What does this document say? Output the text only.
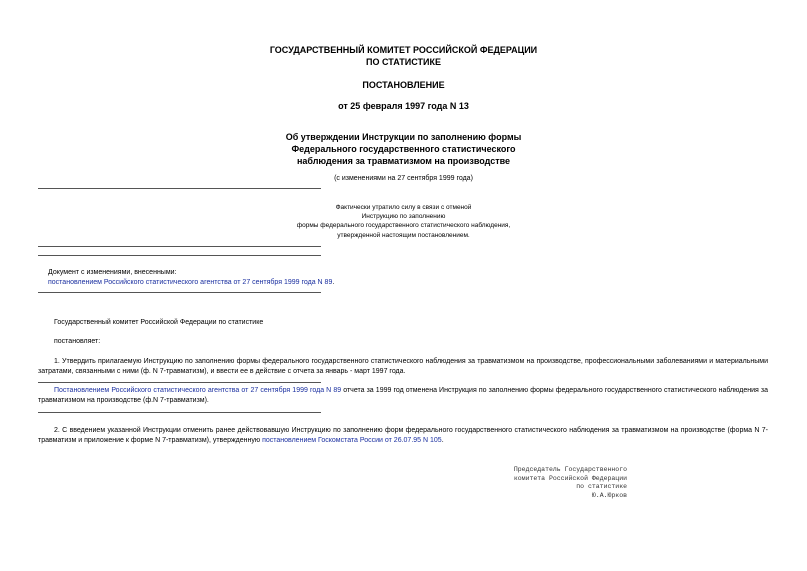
ГОСУДАРСТВЕННЫЙ КОМИТЕТ РОССИЙСКОЙ ФЕДЕРАЦИИ
ПО СТАТИСТИКЕ
ПОСТАНОВЛЕНИЕ
от 25 февраля 1997 года N 13
Об утверждении Инструкции по заполнению формы
Федерального государственного статистического
наблюдения за травматизмом на производстве
(с изменениями на 27 сентября 1999 года)
Фактически утратило силу в связи с отменой
Инструкцию по заполнению
формы федерального государственного статистического наблюдения,
утвержденной настоящим постановлением.
Документ с изменениями, внесенными:
постановлением Российского статистического агентства от 27 сентября 1999 года N 89.
Государственный комитет Российской Федерации по статистике
постановляет:
1. Утвердить прилагаемую Инструкцию по заполнению формы федерального государственного статистического наблюдения за травматизмом на производстве, профессиональными заболеваниями и материальными затратами, связанными с ними (ф. N 7-травматизм), и ввести ее в действие с отчета за январь - март 1997 года.
Постановлением Российского статистического агентства от 27 сентября 1999 года N 89 отчета за 1999 год отменена Инструкция по заполнению формы федерального государственного статистического наблюдения за травматизмом на производстве (ф.N 7-травматизм).
2. С введением указанной Инструкции отменить ранее действовавшую Инструкцию по заполнению форм федерального государственного статистического наблюдения за травматизмом на производстве (форма N 7-травматизм и приложение к форме N 7-травматизм), утвержденную постановлением Госкомстата России от 26.07.95 N 105.
Председатель Государственного
комитета Российской Федерации
по статистике
Ю.А.Юрков
